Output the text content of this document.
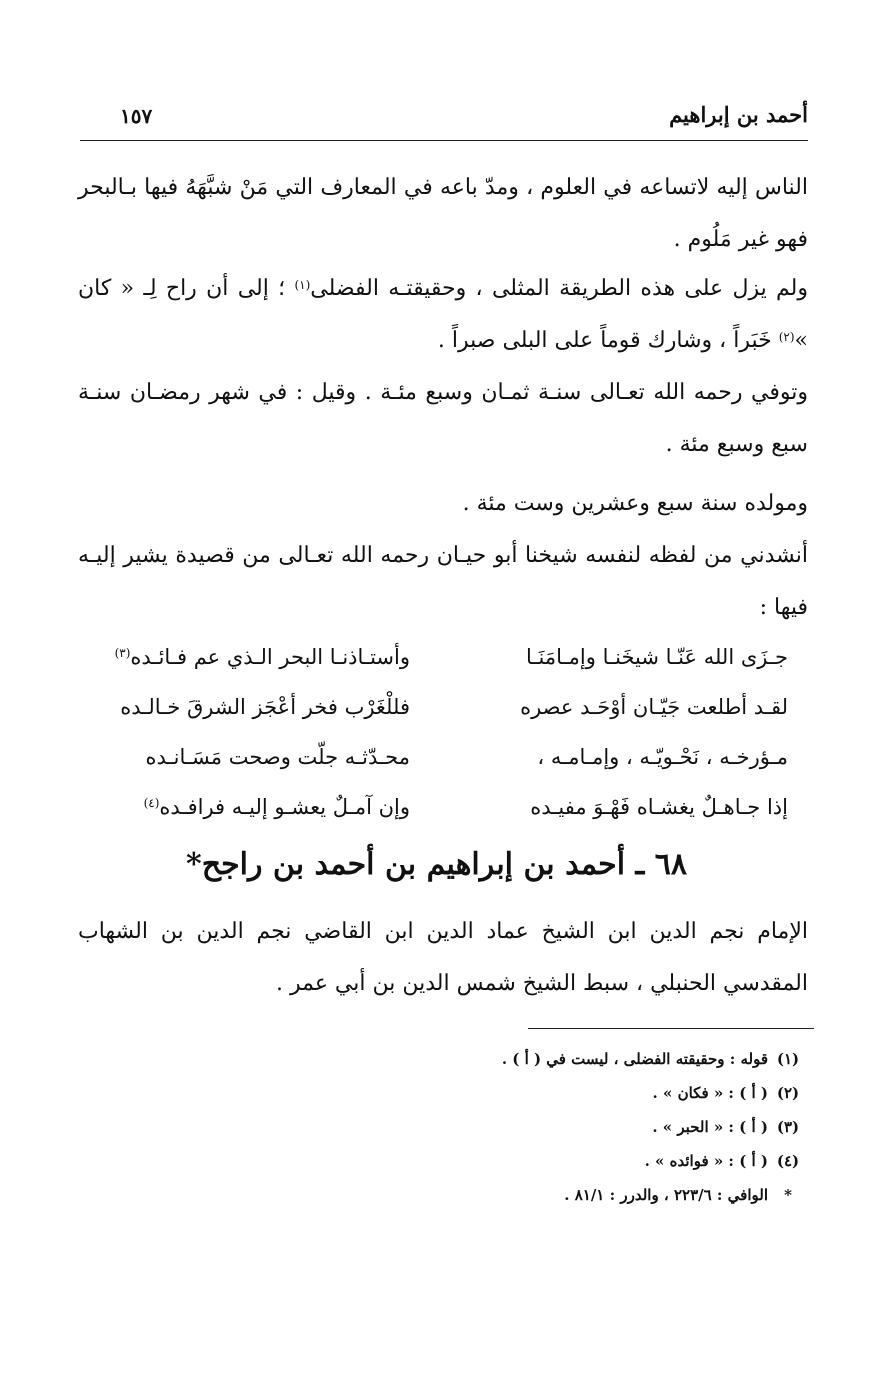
أحمد بن إبراهيم
١٥٧
الناس إليه لاتساعه في العلوم ، ومدّ باعه في المعارف التي مَنْ شبَّهَهُ فيها بـالبحر فهو غير مَلُوم .
ولم يزل على هذه الطريقة المثلى ، وحقيقتـه الفضلى$^{(١)}$ ؛ إلى أن راح لِـ « كان »$^{(٢)}$ خَبَراً ، وشارك قوماً على البلى صبراً .
وتوفي رحمه الله تعـالى سنـة ثمـان وسبع مئـة . وقيل : في شهر رمضـان سنـة سبع وسبع مئة .
ومولده سنة سبع وعشرين وست مئة .
أنشدني من لفظه لنفسه شيخنا أبو حيـان رحمه الله تعـالى من قصيدة يشير إليـه فيها :
جـزَى الله عَنّـا شيخَنـا وإمـامَنَـا
وأستـاذنـا البحر الـذي عم فـائـده$^{(٣)}$
لقـد أطلعت جَيّـان أوْحَـد عصره
فللْغَرْب فخر أعْجَز الشرقَ خـالـده
مـؤرخـه ، نَحْـويّـه ، وإمـامـه ،
محـدّثـه جلّت وصحت مَسَـانـده
إذا جـاهـلٌ يغشـاه فَهْـوَ مفيـده
وإن آمـلٌ يعشـو إليـه فرافـده$^{(٤)}$
٦٨ ـ أحمد بن إبراهيم بن أحمد بن راجح*
الإمام نجم الدين ابن الشيخ عماد الدين ابن القاضي نجم الدين بن الشهاب المقدسي الحنبلي ، سبط الشيخ شمس الدين بن أبي عمر .
(١)
قوله : وحقيقته الفضلى ، ليست في ( أ ) .
(٢)
( أ ) : « فكان » .
(٣)
( أ ) : « الحبر » .
(٤)
( أ ) : « فوائده » .
*
الوافي : ٢٢٣/٦ ، والدرر : ٨١/١ .
